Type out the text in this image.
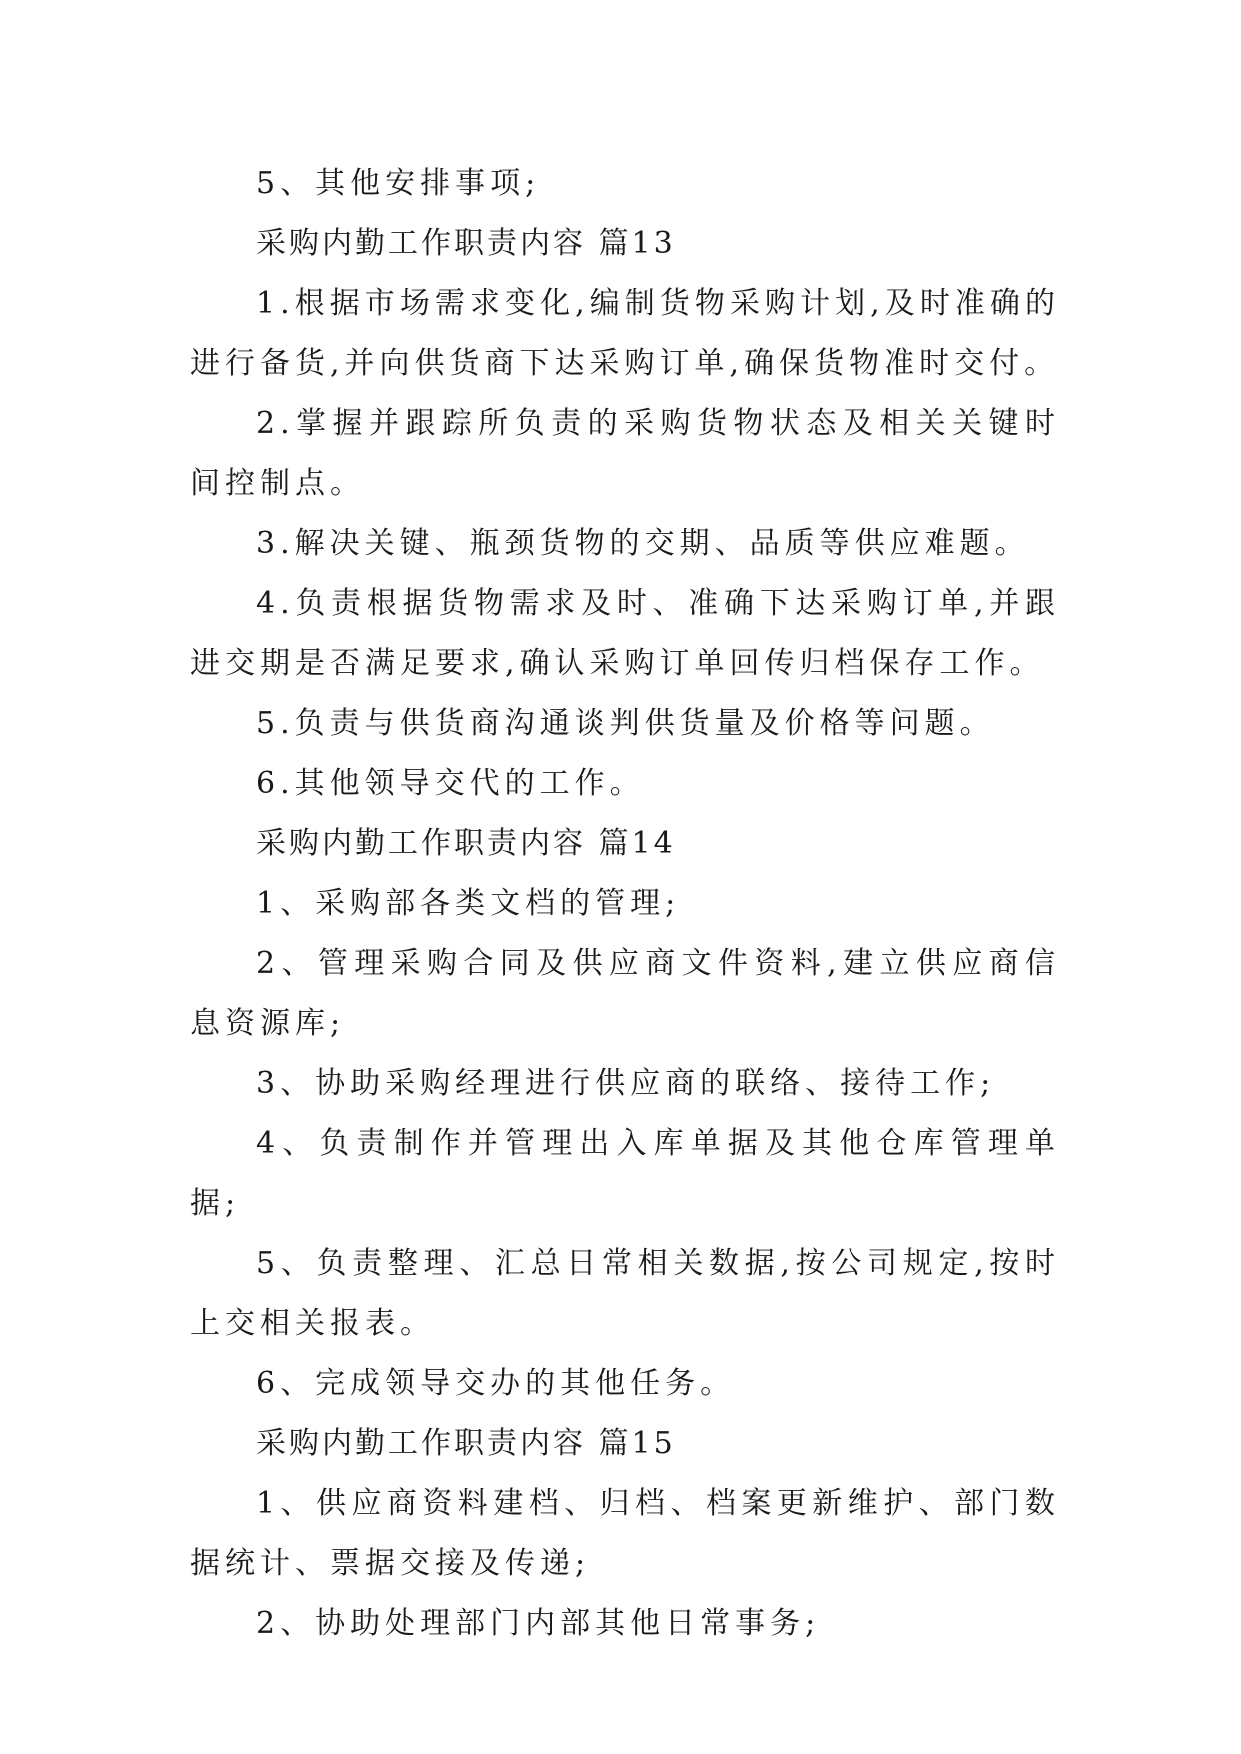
5、其他安排事项;

采购内勤工作职责内容 篇13

1.根据市场需求变化,编制货物采购计划,及时准确的进行备货,并向供货商下达采购订单,确保货物准时交付。

2.掌握并跟踪所负责的采购货物状态及相关关键时间控制点。

3.解决关键、瓶颈货物的交期、品质等供应难题。

4.负责根据货物需求及时、准确下达采购订单,并跟进交期是否满足要求,确认采购订单回传归档保存工作。

5.负责与供货商沟通谈判供货量及价格等问题。

6.其他领导交代的工作。

采购内勤工作职责内容 篇14

1、采购部各类文档的管理;

2、管理采购合同及供应商文件资料,建立供应商信息资源库;

3、协助采购经理进行供应商的联络、接待工作;

4、负责制作并管理出入库单据及其他仓库管理单据;

5、负责整理、汇总日常相关数据,按公司规定,按时上交相关报表。

6、完成领导交办的其他任务。

采购内勤工作职责内容 篇15

1、供应商资料建档、归档、档案更新维护、部门数据统计、票据交接及传递;

2、协助处理部门内部其他日常事务;
